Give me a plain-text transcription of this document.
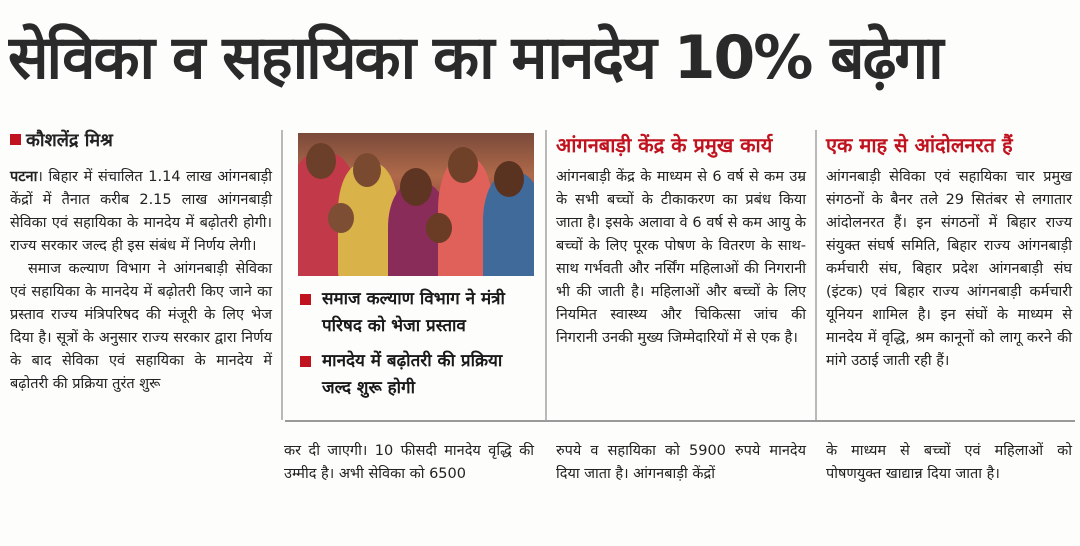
सेविका व सहायिका का मानदेय 10% बढ़ेगा

कौशलेंद्र मिश्र

पटना। बिहार में संचालित 1.14 लाख आंगनबाड़ी केंद्रों में तैनात करीब 2.15 लाख आंगनबाड़ी सेविका एवं सहायिका के मानदेय में बढ़ोतरी होगी। राज्य सरकार जल्द ही इस संबंध में निर्णय लेगी।

समाज कल्याण विभाग ने आंगनबाड़ी सेविका एवं सहायिका के मानदेय में बढ़ोतरी किए जाने का प्रस्ताव राज्य मंत्रिपरिषद की मंजूरी के लिए भेज दिया है। सूत्रों के अनुसार राज्य सरकार द्वारा निर्णय के बाद सेविका एवं सहायिका के मानदेय में बढ़ोतरी की प्रक्रिया तुरंत शुरू

समाज कल्याण विभाग ने मंत्री परिषद को भेजा प्रस्ताव
मानदेय में बढ़ोतरी की प्रक्रिया जल्द शुरू होगी
आंगनबाड़ी केंद्र के प्रमुख कार्य

आंगनबाड़ी केंद्र के माध्यम से 6 वर्ष से कम उम्र के सभी बच्चों के टीकाकरण का प्रबंध किया जाता है। इसके अलावा वे 6 वर्ष से कम आयु के बच्चों के लिए पूरक पोषण के वितरण के साथ-साथ गर्भवती और नर्सिंग महिलाओं की निगरानी भी की जाती है। महिलाओं और बच्चों के लिए नियमित स्वास्थ्य और चिकित्सा जांच की निगरानी उनकी मुख्य जिम्मेदारियों में से एक है।

एक माह से आंदोलनरत हैं

आंगनबाड़ी सेविका एवं सहायिका चार प्रमुख संगठनों के बैनर तले 29 सितंबर से लगातार आंदोलनरत हैं। इन संगठनों में बिहार राज्य संयुक्त संघर्ष समिति, बिहार राज्य आंगनबाड़ी कर्मचारी संघ, बिहार प्रदेश आंगनबाड़ी संघ (इंटक) एवं बिहार राज्य आंगनबाड़ी कर्मचारी यूनियन शामिल है। इन संघों के माध्यम से मानदेय में वृद्धि, श्रम कानूनों को लागू करने की मांगे उठाई जाती रही हैं।

कर दी जाएगी। 10 फीसदी मानदेय वृद्धि की उम्मीद है। अभी सेविका को 6500
रुपये व सहायिका को 5900 रुपये मानदेय दिया जाता है। आंगनबाड़ी केंद्रों
के माध्यम से बच्चों एवं महिलाओं को पोषणयुक्त खाद्यान्न दिया जाता है।
